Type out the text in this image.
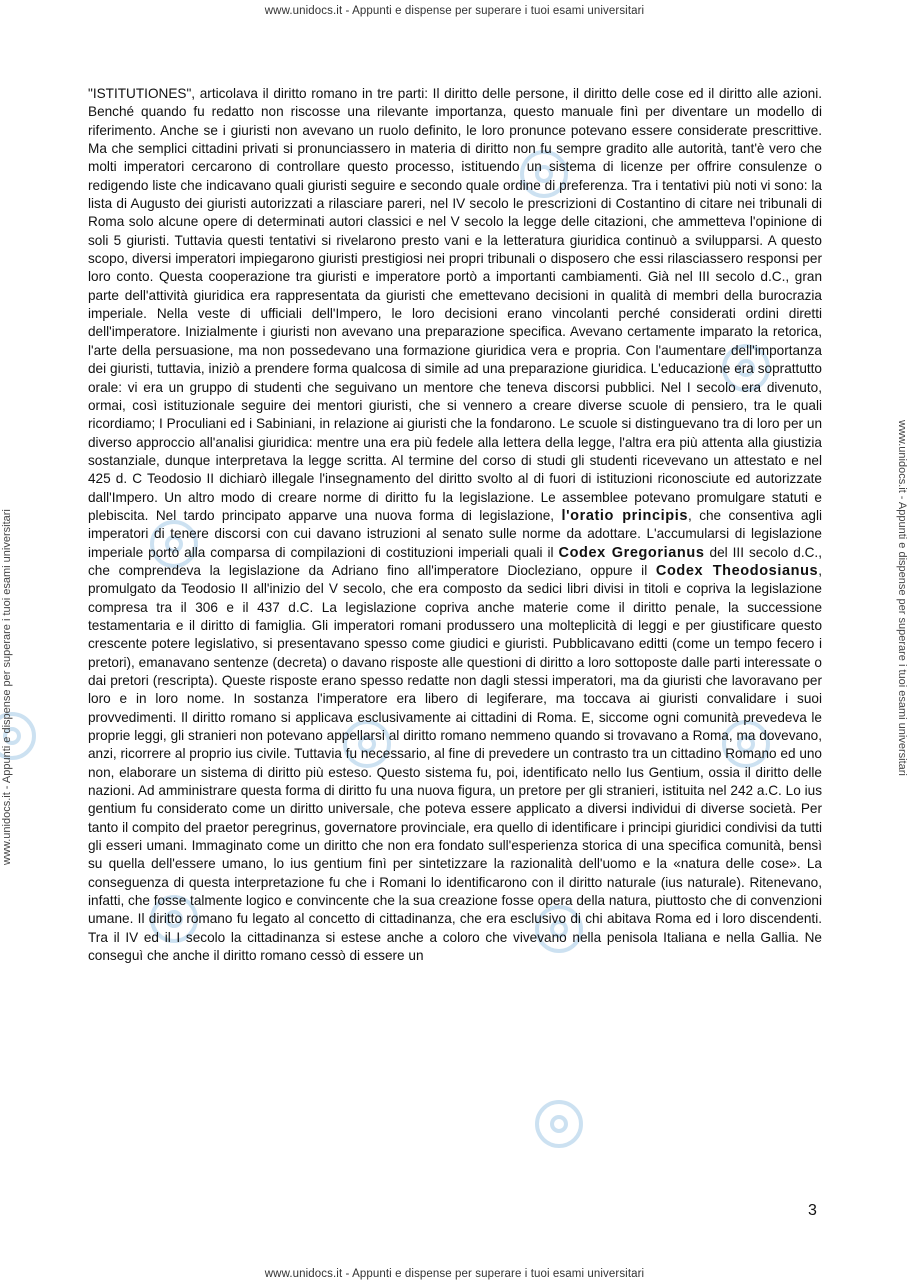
www.unidocs.it - Appunti e dispense per superare i tuoi esami universitari
www.unidocs.it - Appunti e dispense per superare i tuoi esami universitari	www.unidocs.it - Appunti e dispense per superare i tuoi esami universitari

"ISTITUTIONES", articolava il diritto romano in tre parti: Il diritto delle persone, il diritto delle cose ed il diritto alle azioni. Benché quando fu redatto non riscosse una rilevante importanza, questo manuale finì per diventare un modello di riferimento. Anche se i giuristi non avevano un ruolo definito, le loro pronunce potevano essere considerate prescrittive. Ma che semplici cittadini privati si pronunciassero in materia di diritto non fu sempre gradito alle autorità, tant'è vero che molti imperatori cercarono di controllare questo processo, istituendo un sistema di licenze per offrire consulenze o redigendo liste che indicavano quali giuristi seguire e secondo quale ordine di preferenza. Tra i tentativi più noti vi sono: la lista di Augusto dei giuristi autorizzati a rilasciare pareri, nel IV secolo le prescrizioni di Costantino di citare nei tribunali di Roma solo alcune opere di determinati autori classici e nel V secolo la legge delle citazioni, che ammetteva l'opinione di soli 5 giuristi. Tuttavia questi tentativi si rivelarono presto vani e la letteratura giuridica continuò a svilupparsi. A questo scopo, diversi imperatori impiegarono giuristi prestigiosi nei propri tribunali o disposero che essi rilasciassero responsi per loro conto. Questa cooperazione tra giuristi e imperatore portò a importanti cambiamenti. Già nel III secolo d.C., gran parte dell'attività giuridica era rappresentata da giuristi che emettevano decisioni in qualità di membri della burocrazia imperiale. Nella veste di ufficiali dell'Impero, le loro decisioni erano vincolanti perché considerati ordini diretti dell'imperatore. Inizialmente i giuristi non avevano una preparazione specifica. Avevano certamente imparato la retorica, l'arte della persuasione, ma non possedevano una formazione giuridica vera e propria. Con l'aumentare dell'importanza dei giuristi, tuttavia, iniziò a prendere forma qualcosa di simile ad una preparazione giuridica. L'educazione era soprattutto orale: vi era un gruppo di studenti che seguivano un mentore che teneva discorsi pubblici. Nel I secolo era divenuto, ormai, così istituzionale seguire dei mentori giuristi, che si vennero a creare diverse scuole di pensiero, tra le quali ricordiamo; I Proculiani ed i Sabiniani, in relazione ai giuristi che la fondarono. Le scuole si distinguevano tra di loro per un diverso approccio all'analisi giuridica: mentre una era più fedele alla lettera della legge, l'altra era più attenta alla giustizia sostanziale, dunque interpretava la legge scritta. Al termine del corso di studi gli studenti ricevevano un attestato e nel 425 d. C Teodosio II dichiarò illegale l'insegnamento del diritto svolto al di fuori di istituzioni riconosciute ed autorizzate dall'Impero. Un altro modo di creare norme di diritto fu la legislazione. Le assemblee potevano promulgare statuti e plebiscita. Nel tardo principato apparve una nuova forma di legislazione, l'oratio principis, che consentiva agli imperatori di tenere discorsi con cui davano istruzioni al senato sulle norme da adottare. L'accumularsi di legislazione imperiale portò alla comparsa di compilazioni di costituzioni imperiali quali il Codex Gregorianus del III secolo d.C., che comprendeva la legislazione da Adriano fino all'imperatore Diocleziano, oppure il Codex Theodosianus, promulgato da Teodosio II all'inizio del V secolo, che era composto da sedici libri divisi in titoli e copriva la legislazione compresa tra il 306 e il 437 d.C. La legislazione copriva anche materie come il diritto penale, la successione testamentaria e il diritto di famiglia. Gli imperatori romani produssero una molteplicità di leggi e per giustificare questo crescente potere legislativo, si presentavano spesso come giudici e giuristi. Pubblicavano editti (come un tempo fecero i pretori), emanavano sentenze (decreta) o davano risposte alle questioni di diritto a loro sottoposte dalle parti interessate o dai pretori (rescripta). Queste risposte erano spesso redatte non dagli stessi imperatori, ma da giuristi che lavoravano per loro e in loro nome. In sostanza l'imperatore era libero di legiferare, ma toccava ai giuristi convalidare i suoi provvedimenti. Il diritto romano si applicava esclusivamente ai cittadini di Roma. E, siccome ogni comunità prevedeva le proprie leggi, gli stranieri non potevano appellarsi al diritto romano nemmeno quando si trovavano a Roma, ma dovevano, anzi, ricorrere al proprio ius civile. Tuttavia fu necessario, al fine di prevedere un contrasto tra un cittadino Romano ed uno non, elaborare un sistema di diritto più esteso. Questo sistema fu, poi, identificato nello Ius Gentium, ossia il diritto delle nazioni. Ad amministrare questa forma di diritto fu una nuova figura, un pretore per gli stranieri, istituita nel 242 a.C. Lo ius gentium fu considerato come un diritto universale, che poteva essere applicato a diversi individui di diverse società. Per tanto il compito del praetor peregrinus, governatore provinciale, era quello di identificare i principi giuridici condivisi da tutti gli esseri umani. Immaginato come un diritto che non era fondato sull'esperienza storica di una specifica comunità, bensì su quella dell'essere umano, lo ius gentium finì per sintetizzare la razionalità dell'uomo e la «natura delle cose». La conseguenza di questa interpretazione fu che i Romani lo identificarono con il diritto naturale (ius naturale). Ritenevano, infatti, che fosse talmente logico e convincente che la sua creazione fosse opera della natura, piuttosto che di convenzioni umane. Il diritto romano fu legato al concetto di cittadinanza, che era esclusivo di chi abitava Roma ed i loro discendenti. Tra il IV ed il I secolo la cittadinanza si estese anche a coloro che vivevano nella penisola Italiana e nella Gallia. Ne conseguì che anche il diritto romano cessò di essere un

3
www.unidocs.it - Appunti e dispense per superare i tuoi esami universitari
